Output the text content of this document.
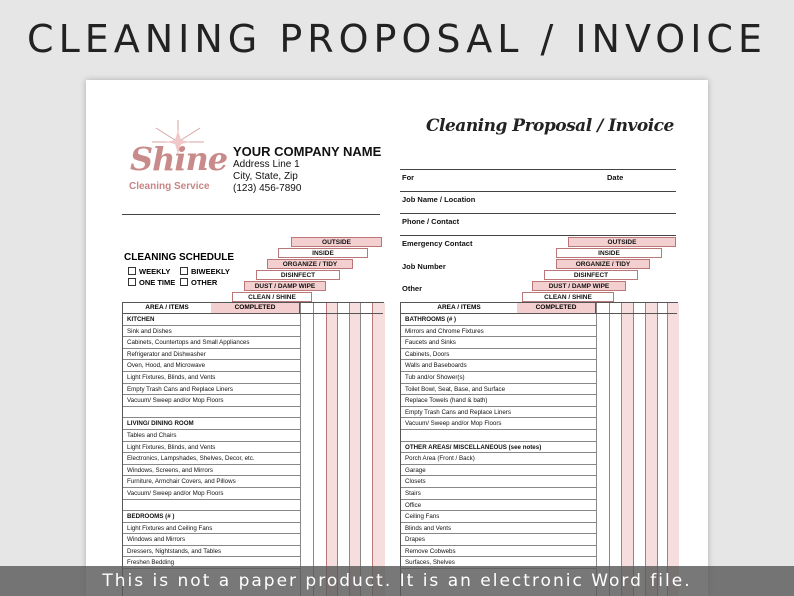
CLEANING PROPOSAL / INVOICE
Shine
Cleaning Service
YOUR COMPANY NAME
Address Line 1
City, State, Zip
(123) 456-7890
Cleaning Proposal / Invoice
For	Date
Job Name / Location
Phone / Contact
Emergency Contact
Job Number
Other
CLEANING SCHEDULE
WEEKLY	BIWEEKLY
ONE TIME	OTHER
OUTSIDE
INSIDE
ORGANIZE / TIDY
DISINFECT
DUST / DAMP WIPE
CLEAN / SHINE
AREA / ITEMS	COMPLETED
KITCHEN
Sink and Dishes
Cabinets, Countertops and Small Appliances
Refrigerator and Dishwasher
Oven, Hood, and Microwave
Light Fixtures, Blinds, and Vents
Empty Trash Cans and Replace Liners
Vacuum/ Sweep and/or Mop Floors
LIVING/ DINING ROOM
Tables and Chairs
Light Fixtures, Blinds, and Vents
Electronics, Lampshades, Shelves, Decor, etc.
Windows, Screens, and Mirrors
Furniture, Armchair Covers, and Pillows
Vacuum/ Sweep and/or Mop Floors
BEDROOMS (# )
Light Fixtures and Ceiling Fans
Windows and Mirrors
Dressers, Nightstands, and Tables
Freshen Bedding
OUTSIDE
INSIDE
ORGANIZE / TIDY
DISINFECT
DUST / DAMP WIPE
CLEAN / SHINE
AREA / ITEMS	COMPLETED
BATHROOMS (# )
Mirrors and Chrome Fixtures
Faucets and Sinks
Cabinets, Doors
Walls and Baseboards
Tub and/or Shower(s)
Toilet Bowl, Seat, Base, and Surface
Replace Towels (hand & bath)
Empty Trash Cans and Replace Liners
Vacuum/ Sweep and/or Mop Floors
OTHER AREAS/ MISCELLANEOUS (see notes)
Porch Area (Front / Back)
Garage
Closets
Stairs
Office
Ceiling Fans
Blinds and Vents
Drapes
Remove Cobwebs
Surfaces, Shelves
This is not a paper product. It is an electronic Word file.
